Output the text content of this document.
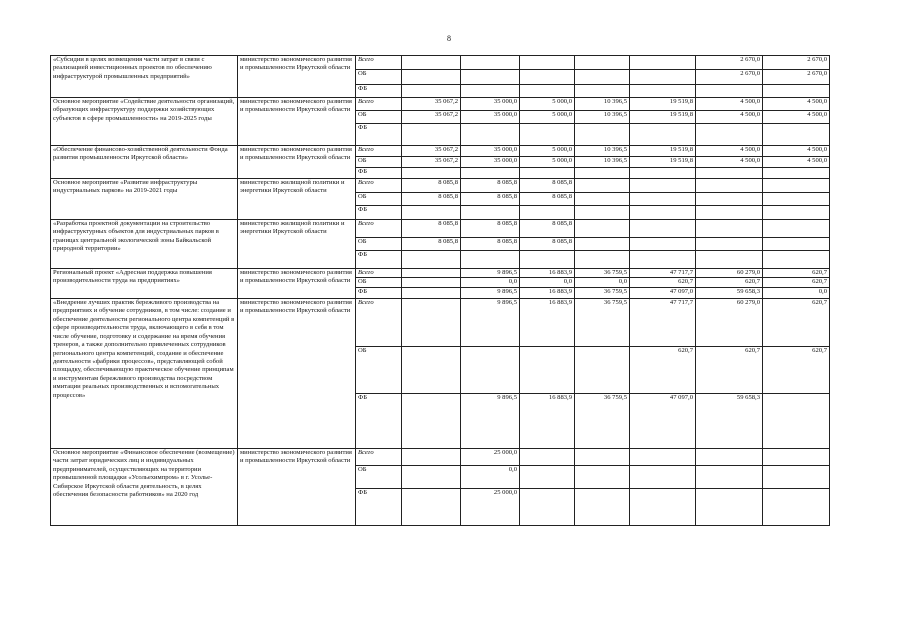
8
«Субсидии в целях возмещения части затрат в связи с реализацией инвестиционных проектов по обеспечению инфраструктурой промышленных предприятий»	министерство экономического развития и промышленности Иркутской области	Всего						2 670,0	2 670,0
		ОБ						2 670,0	2 670,0
		ФБ							
Основное мероприятие «Содействие деятельности организаций, образующих инфраструктуру поддержки хозяйствующих субъектов в сфере промышленности» на 2019-2025 годы	министерство экономического развития и промышленности Иркутской области	Всего	35 067,2	35 000,0	5 000,0	10 396,5	19 519,8	4 500,0	4 500,0
		ОБ	35 067,2	35 000,0	5 000,0	10 396,5	19 519,8	4 500,0	4 500,0
		ФБ							
«Обеспечение финансово-хозяйственной деятельности Фонда развития промышленности Иркутской области»	министерство экономического развития и промышленности Иркутской области	Всего	35 067,2	35 000,0	5 000,0	10 396,5	19 519,8	4 500,0	4 500,0
		ОБ	35 067,2	35 000,0	5 000,0	10 396,5	19 519,8	4 500,0	4 500,0
		ФБ							
Основное мероприятие «Развитие инфраструктуры индустриальных парков» на 2019-2021 годы	министерство жилищной политики и энергетики Иркутской области	Всего	8 085,8	8 085,8	8 085,8				
		ОБ	8 085,8	8 085,8	8 085,8				
		ФБ							
«Разработка проектной документации на строительство инфраструктурных объектов для индустриальных парков в границах центральной экологической зоны Байкальской природной территории»	министерство жилищной политики и энергетики Иркутской области	Всего	8 085,8	8 085,8	8 085,8				
		ОБ	8 085,8	8 085,8	8 085,8				
		ФБ							
Региональный проект «Адресная поддержка повышения производительности труда на предприятиях»	министерство экономического развития и промышленности Иркутской области	Всего		9 896,5	16 883,9	36 759,5	47 717,7	60 279,0	620,7
		ОБ		0,0	0,0	0,0	620,7	620,7	620,7
		ФБ		9 896,5	16 883,9	36 759,5	47 097,0	59 658,3	0,0
«Внедрение лучших практик бережливого производства на предприятиях и обучение сотрудников, в том числе: создание и обеспечение деятельности регионального центра компетенций в сфере производительности труда, включающего в себя в том числе обучение, подготовку и содержание на время обучения тренеров, а также дополнительно привлеченных сотрудников регионального центра компетенций, создание и обеспечение деятельности «фабрики процессов», представляющей собой площадку, обеспечивающую практическое обучение принципам и инструментам бережливого производства посредством имитации реальных производственных и вспомогательных процессов»	министерство экономического развития и промышленности Иркутской области	Всего		9 896,5	16 883,9	36 759,5	47 717,7	60 279,0	620,7
		ОБ					620,7	620,7	620,7
		ФБ		9 896,5	16 883,9	36 759,5	47 097,0	59 658,3	
Основное мероприятие «Финансовое обеспечение (возмещение) части затрат юридических лиц и индивидуальных предпринимателей, осуществляющих на территории промышленной площадки «Усольехимпром» в г. Усолье-Сибирское Иркутской области деятельность, в целях обеспечения безопасности работников» на 2020 год	министерство экономического развития и промышленности Иркутской области	Всего		25 000,0					
		ОБ		0,0					
		ФБ		25 000,0					
